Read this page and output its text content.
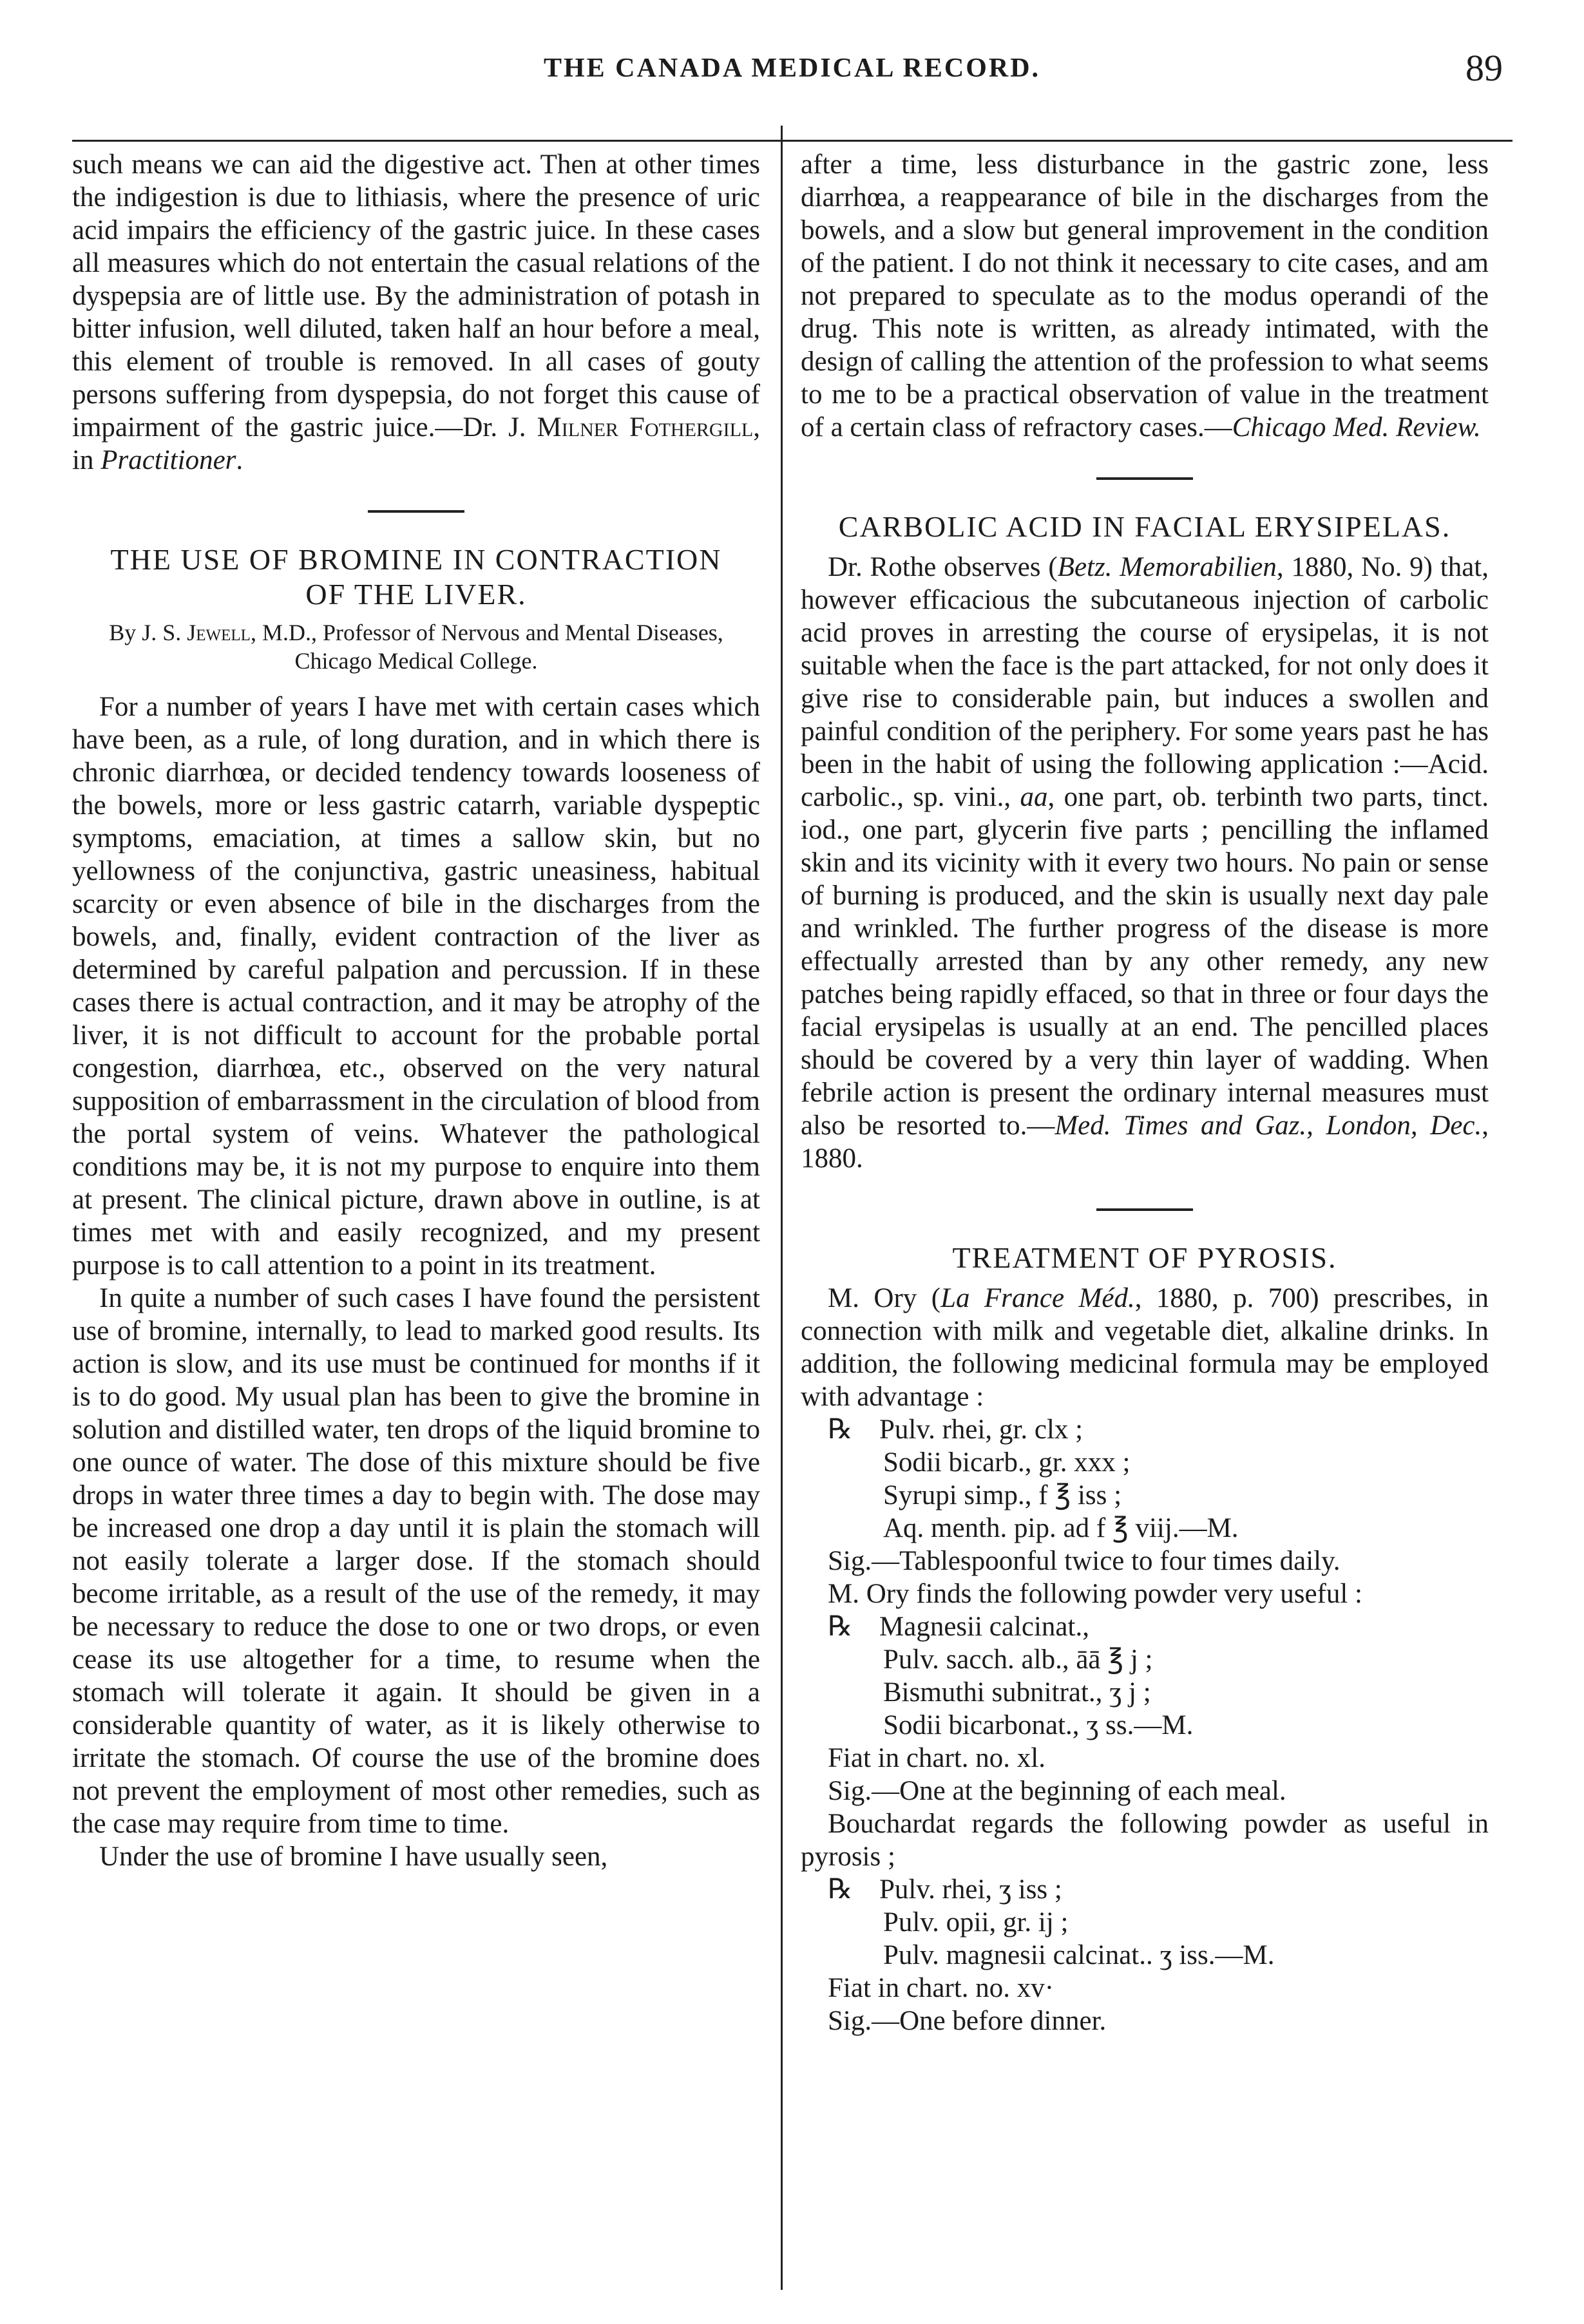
THE CANADA MEDICAL RECORD.	89

such means we can aid the digestive act. Then at other times the indigestion is due to lithiasis, where the presence of uric acid impairs the efficiency of the gastric juice. In these cases all measures which do not entertain the casual relations of the dyspepsia are of little use. By the administration of potash in bitter infusion, well diluted, taken half an hour before a meal, this element of trouble is removed. In all cases of gouty persons suffering from dyspepsia, do not forget this cause of impairment of the gastric juice.—Dr. J. Milner Fothergill, in Practitioner.

THE USE OF BROMINE IN CONTRACTION OF THE LIVER.
By J. S. Jewell, M.D., Professor of Nervous and Mental Diseases, Chicago Medical College.

For a number of years I have met with certain cases which have been, as a rule, of long duration, and in which there is chronic diarrhœa, or decided tendency towards looseness of the bowels, more or less gastric catarrh, variable dyspeptic symptoms, emaciation, at times a sallow skin, but no yellowness of the conjunctiva, gastric uneasiness, habitual scarcity or even absence of bile in the discharges from the bowels, and, finally, evident contraction of the liver as determined by careful palpation and percussion. If in these cases there is actual contraction, and it may be atrophy of the liver, it is not difficult to account for the probable portal congestion, diarrhœa, etc., observed on the very natural supposition of embarrassment in the circulation of blood from the portal system of veins. Whatever the pathological conditions may be, it is not my purpose to enquire into them at present. The clinical picture, drawn above in outline, is at times met with and easily recognized, and my present purpose is to call attention to a point in its treatment.

In quite a number of such cases I have found the persistent use of bromine, internally, to lead to marked good results. Its action is slow, and its use must be continued for months if it is to do good. My usual plan has been to give the bromine in solution and distilled water, ten drops of the liquid bromine to one ounce of water. The dose of this mixture should be five drops in water three times a day to begin with. The dose may be increased one drop a day until it is plain the stomach will not easily tolerate a larger dose. If the stomach should become irritable, as a result of the use of the remedy, it may be necessary to reduce the dose to one or two drops, or even cease its use altogether for a time, to resume when the stomach will tolerate it again. It should be given in a considerable quantity of water, as it is likely otherwise to irritate the stomach. Of course the use of the bromine does not prevent the employment of most other remedies, such as the case may require from time to time.

Under the use of bromine I have usually seen,

after a time, less disturbance in the gastric zone, less diarrhœa, a reappearance of bile in the discharges from the bowels, and a slow but general improvement in the condition of the patient. I do not think it necessary to cite cases, and am not prepared to speculate as to the modus operandi of the drug. This note is written, as already intimated, with the design of calling the attention of the profession to what seems to me to be a practical observation of value in the treatment of a certain class of refractory cases.—Chicago Med. Review.

CARBOLIC ACID IN FACIAL ERYSIPELAS.

Dr. Rothe observes (Betz. Memorabilien, 1880, No. 9) that, however efficacious the subcutaneous injection of carbolic acid proves in arresting the course of erysipelas, it is not suitable when the face is the part attacked, for not only does it give rise to considerable pain, but induces a swollen and painful condition of the periphery. For some years past he has been in the habit of using the following application :—Acid. carbolic., sp. vini., aa, one part, ob. terbinth two parts, tinct. iod., one part, glycerin five parts ; pencilling the inflamed skin and its vicinity with it every two hours. No pain or sense of burning is produced, and the skin is usually next day pale and wrinkled. The further progress of the disease is more effectually arrested than by any other remedy, any new patches being rapidly effaced, so that in three or four days the facial erysipelas is usually at an end. The pencilled places should be covered by a very thin layer of wadding. When febrile action is present the ordinary internal measures must also be resorted to.—Med. Times and Gaz., London, Dec., 1880.

TREATMENT OF PYROSIS.

M. Ory (La France Méd., 1880, p. 700) prescribes, in connection with milk and vegetable diet, alkaline drinks. In addition, the following medicinal formula may be employed with advantage :

℞ Pulv. rhei, gr. clx ;
Sodii bicarb., gr. xxx ;
Syrupi simp., f ℥ iss ;
Aq. menth. pip. ad f ℥ viij.—M.
Sig.—Tablespoonful twice to four times daily.
M. Ory finds the following powder very useful :
℞ Magnesii calcinat.,
Pulv. sacch. alb., āā ℥ j ;
Bismuthi subnitrat., ʒ j ;
Sodii bicarbonat., ʒ ss.—M.
Fiat in chart. no. xl.
Sig.—One at the beginning of each meal.

Bouchardat regards the following powder as useful in pyrosis ;

℞ Pulv. rhei, ʒ iss ;
Pulv. opii, gr. ij ;
Pulv. magnesii calcinat.. ʒ iss.—M.
Fiat in chart. no. xv·
Sig.—One before dinner.
